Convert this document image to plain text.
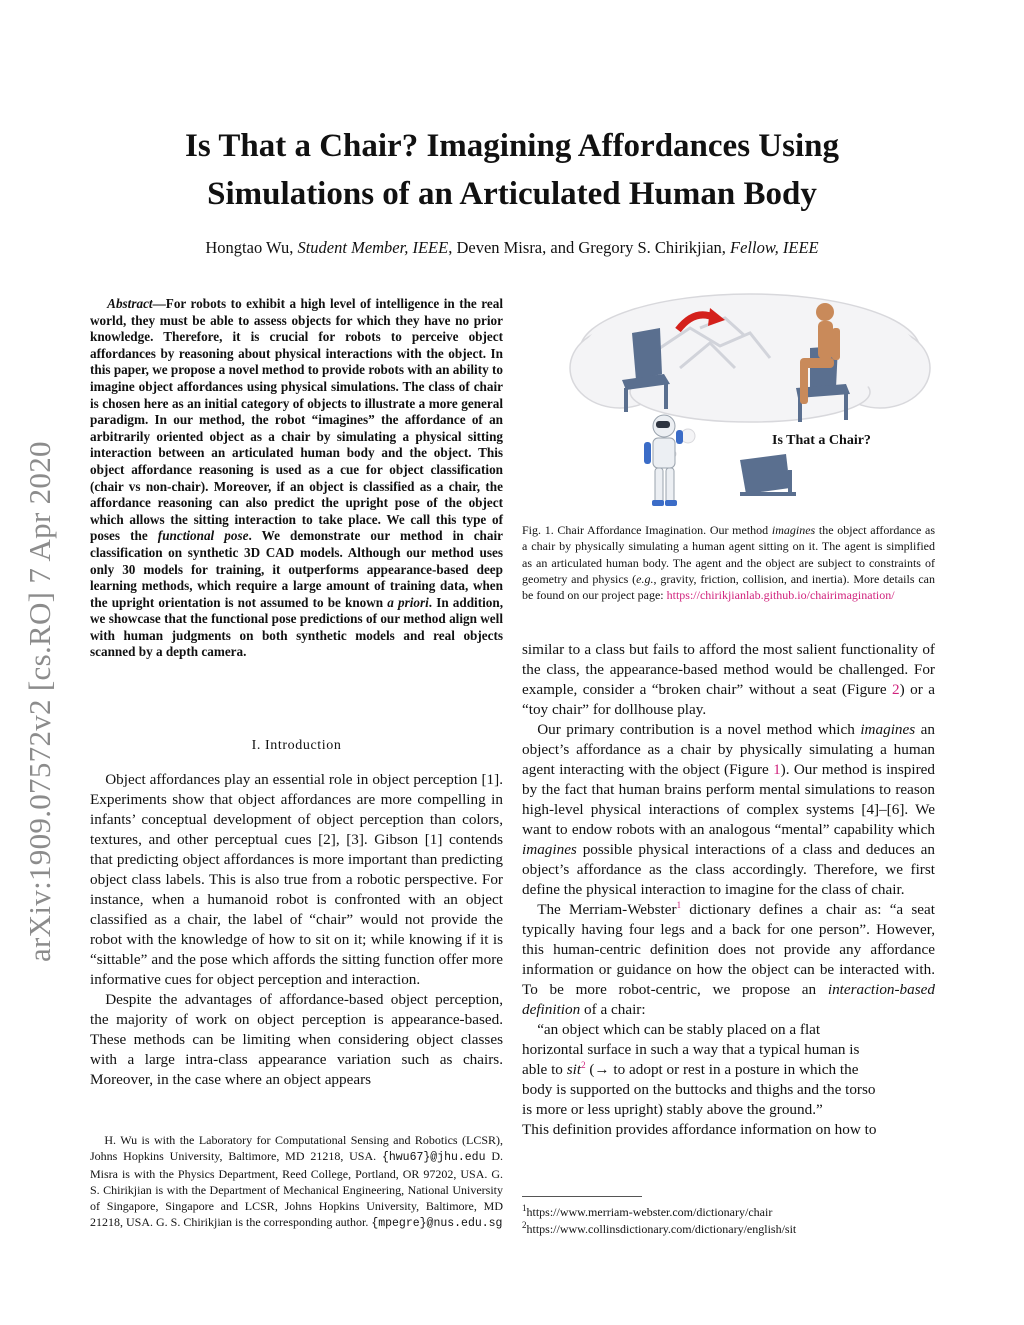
Is That a Chair? Imagining Affordances Using
Simulations of an Articulated Human Body
Hongtao Wu, Student Member, IEEE, Deven Misra, and Gregory S. Chirikjian, Fellow, IEEE
arXiv:1909.07572v2 [cs.RO] 7 Apr 2020
Abstract—For robots to exhibit a high level of intelligence in the real world, they must be able to assess objects for which they have no prior knowledge. Therefore, it is crucial for robots to perceive object affordances by reasoning about physical interactions with the object. In this paper, we propose a novel method to provide robots with an ability to imagine object affordances using physical simulations. The class of chair is chosen here as an initial category of objects to illustrate a more general paradigm. In our method, the robot “imagines” the affordance of an arbitrarily oriented object as a chair by simulating a physical sitting interaction between an articulated human body and the object. This object affordance reasoning is used as a cue for object classification (chair vs non-chair). Moreover, if an object is classified as a chair, the affordance reasoning can also predict the upright pose of the object which allows the sitting interaction to take place. We call this type of poses the functional pose. We demonstrate our method in chair classification on synthetic 3D CAD models. Although our method uses only 30 models for training, it outperforms appearance-based deep learning methods, which require a large amount of training data, when the upright orientation is not assumed to be known a priori. In addition, we showcase that the functional pose predictions of our method align well with human judgments on both synthetic models and real objects scanned by a depth camera.
I. Introduction

Object affordances play an essential role in object perception [1]. Experiments show that object affordances are more compelling in infants’ conceptual development of object perception than colors, textures, and other perceptual cues [2], [3]. Gibson [1] contends that predicting object affordances is more important than predicting object class labels. This is also true from a robotic perspective. For instance, when a humanoid robot is confronted with an object classified as a chair, the label of “chair” would not provide the robot with the knowledge of how to sit on it; while knowing if it is “sittable” and the pose which affords the sitting function offer more informative cues for object perception and interaction.

Despite the advantages of affordance-based object perception, the majority of work on object perception is appearance-based. These methods can be limiting when considering object classes with a large intra-class appearance variation such as chairs. Moreover, in the case where an object appears

H. Wu is with the Laboratory for Computational Sensing and Robotics (LCSR), Johns Hopkins University, Baltimore, MD 21218, USA. {hwu67}@jhu.edu D. Misra is with the Physics Department, Reed College, Portland, OR 97202, USA. G. S. Chirikjian is with the Department of Mechanical Engineering, National University of Singapore, Singapore and LCSR, Johns Hopkins University, Baltimore, MD 21218, USA. G. S. Chirikjian is the corresponding author. {mpegre}@nus.edu.sg
Is That a Chair?
Fig. 1. Chair Affordance Imagination. Our method imagines the object affordance as a chair by physically simulating a human agent sitting on it. The agent is simplified as an articulated human body. The agent and the object are subject to constraints of geometry and physics (e.g., gravity, friction, collision, and inertia). More details can be found on our project page: https://chirikjianlab.github.io/chairimagination/

similar to a class but fails to afford the most salient functionality of the class, the appearance-based method would be challenged. For example, consider a “broken chair” without a seat (Figure 2) or a “toy chair” for dollhouse play.

Our primary contribution is a novel method which imagines an object’s affordance as a chair by physically simulating a human agent interacting with the object (Figure 1). Our method is inspired by the fact that human brains perform mental simulations to reason high-level physical interactions of complex systems [4]–[6]. We want to endow robots with an analogous “mental” capability which imagines possible physical interactions of a class and deduces an object’s affordance as the class accordingly. Therefore, we first define the physical interaction to imagine for the class of chair.

The Merriam-Webster$^1$ dictionary defines a chair as: “a seat typically having four legs and a back for one person”. However, this human-centric definition does not provide any affordance information or guidance on how the object can be interacted with. To be more robot-centric, we propose an interaction-based definition of a chair:

“an object which can be stably placed on a flat horizontal surface in such a way that a typical human is able to sit$^2$ (→ to adopt or rest in a posture in which the body is supported on the buttocks and thighs and the torso is more or less upright) stably above the ground.”

This definition provides affordance information on how to

$^1$https://www.merriam-webster.com/dictionary/chair
$^2$https://www.collinsdictionary.com/dictionary/english/sit
